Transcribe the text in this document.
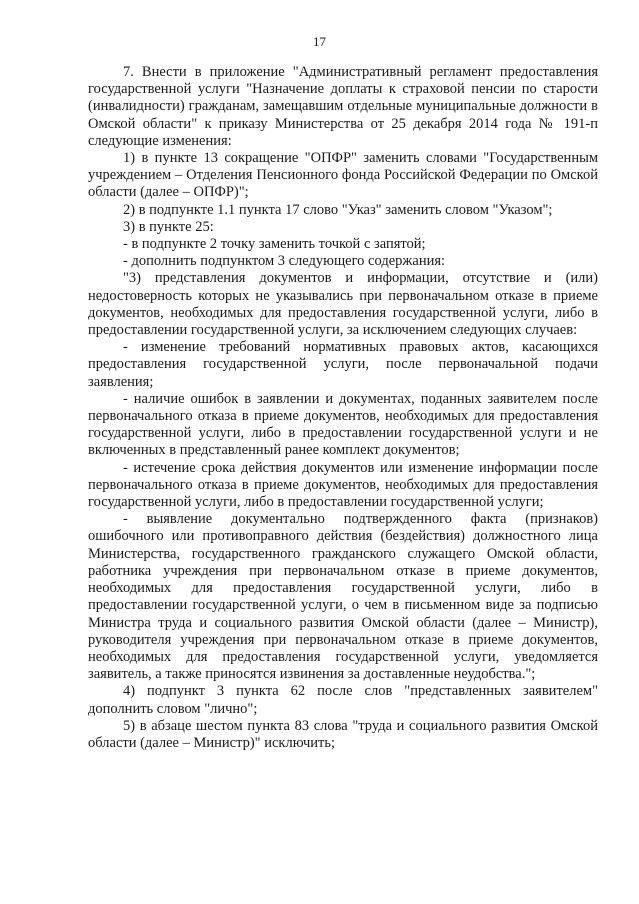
17

7. Внести в приложение "Административный регламент предоставления государственной услуги "Назначение доплаты к страховой пенсии по старости (инвалидности) гражданам, замещавшим отдельные муниципальные должности в Омской области" к приказу Министерства от 25 декабря 2014 года № 191-п следующие изменения:

1) в пункте 13 сокращение "ОПФР" заменить словами "Государственным учреждением – Отделения Пенсионного фонда Российской Федерации по Омской области (далее – ОПФР)";

2) в подпункте 1.1 пункта 17 слово "Указ" заменить словом "Указом";

3) в пункте 25:

- в подпункте 2 точку заменить точкой с запятой;

- дополнить подпунктом 3 следующего содержания:

"3) представления документов и информации, отсутствие и (или) недостоверность которых не указывались при первоначальном отказе в приеме документов, необходимых для предоставления государственной услуги, либо в предоставлении государственной услуги, за исключением следующих случаев:

- изменение требований нормативных правовых актов, касающихся предоставления государственной услуги, после первоначальной подачи заявления;

- наличие ошибок в заявлении и документах, поданных заявителем после первоначального отказа в приеме документов, необходимых для предоставления государственной услуги, либо в предоставлении государственной услуги и не включенных в представленный ранее комплект документов;

- истечение срока действия документов или изменение информации после первоначального отказа в приеме документов, необходимых для предоставления государственной услуги, либо в предоставлении государственной услуги;

- выявление документально подтвержденного факта (признаков) ошибочного или противоправного действия (бездействия) должностного лица Министерства, государственного гражданского служащего Омской области, работника учреждения при первоначальном отказе в приеме документов, необходимых для предоставления государственной услуги, либо в предоставлении государственной услуги, о чем в письменном виде за подписью Министра труда и социального развития Омской области (далее – Министр), руководителя учреждения при первоначальном отказе в приеме документов, необходимых для предоставления государственной услуги, уведомляется заявитель, а также приносятся извинения за доставленные неудобства.";

4) подпункт 3 пункта 62 после слов "представленных заявителем" дополнить словом "лично";

5) в абзаце шестом пункта 83 слова "труда и социального развития Омской области (далее – Министр)" исключить;
